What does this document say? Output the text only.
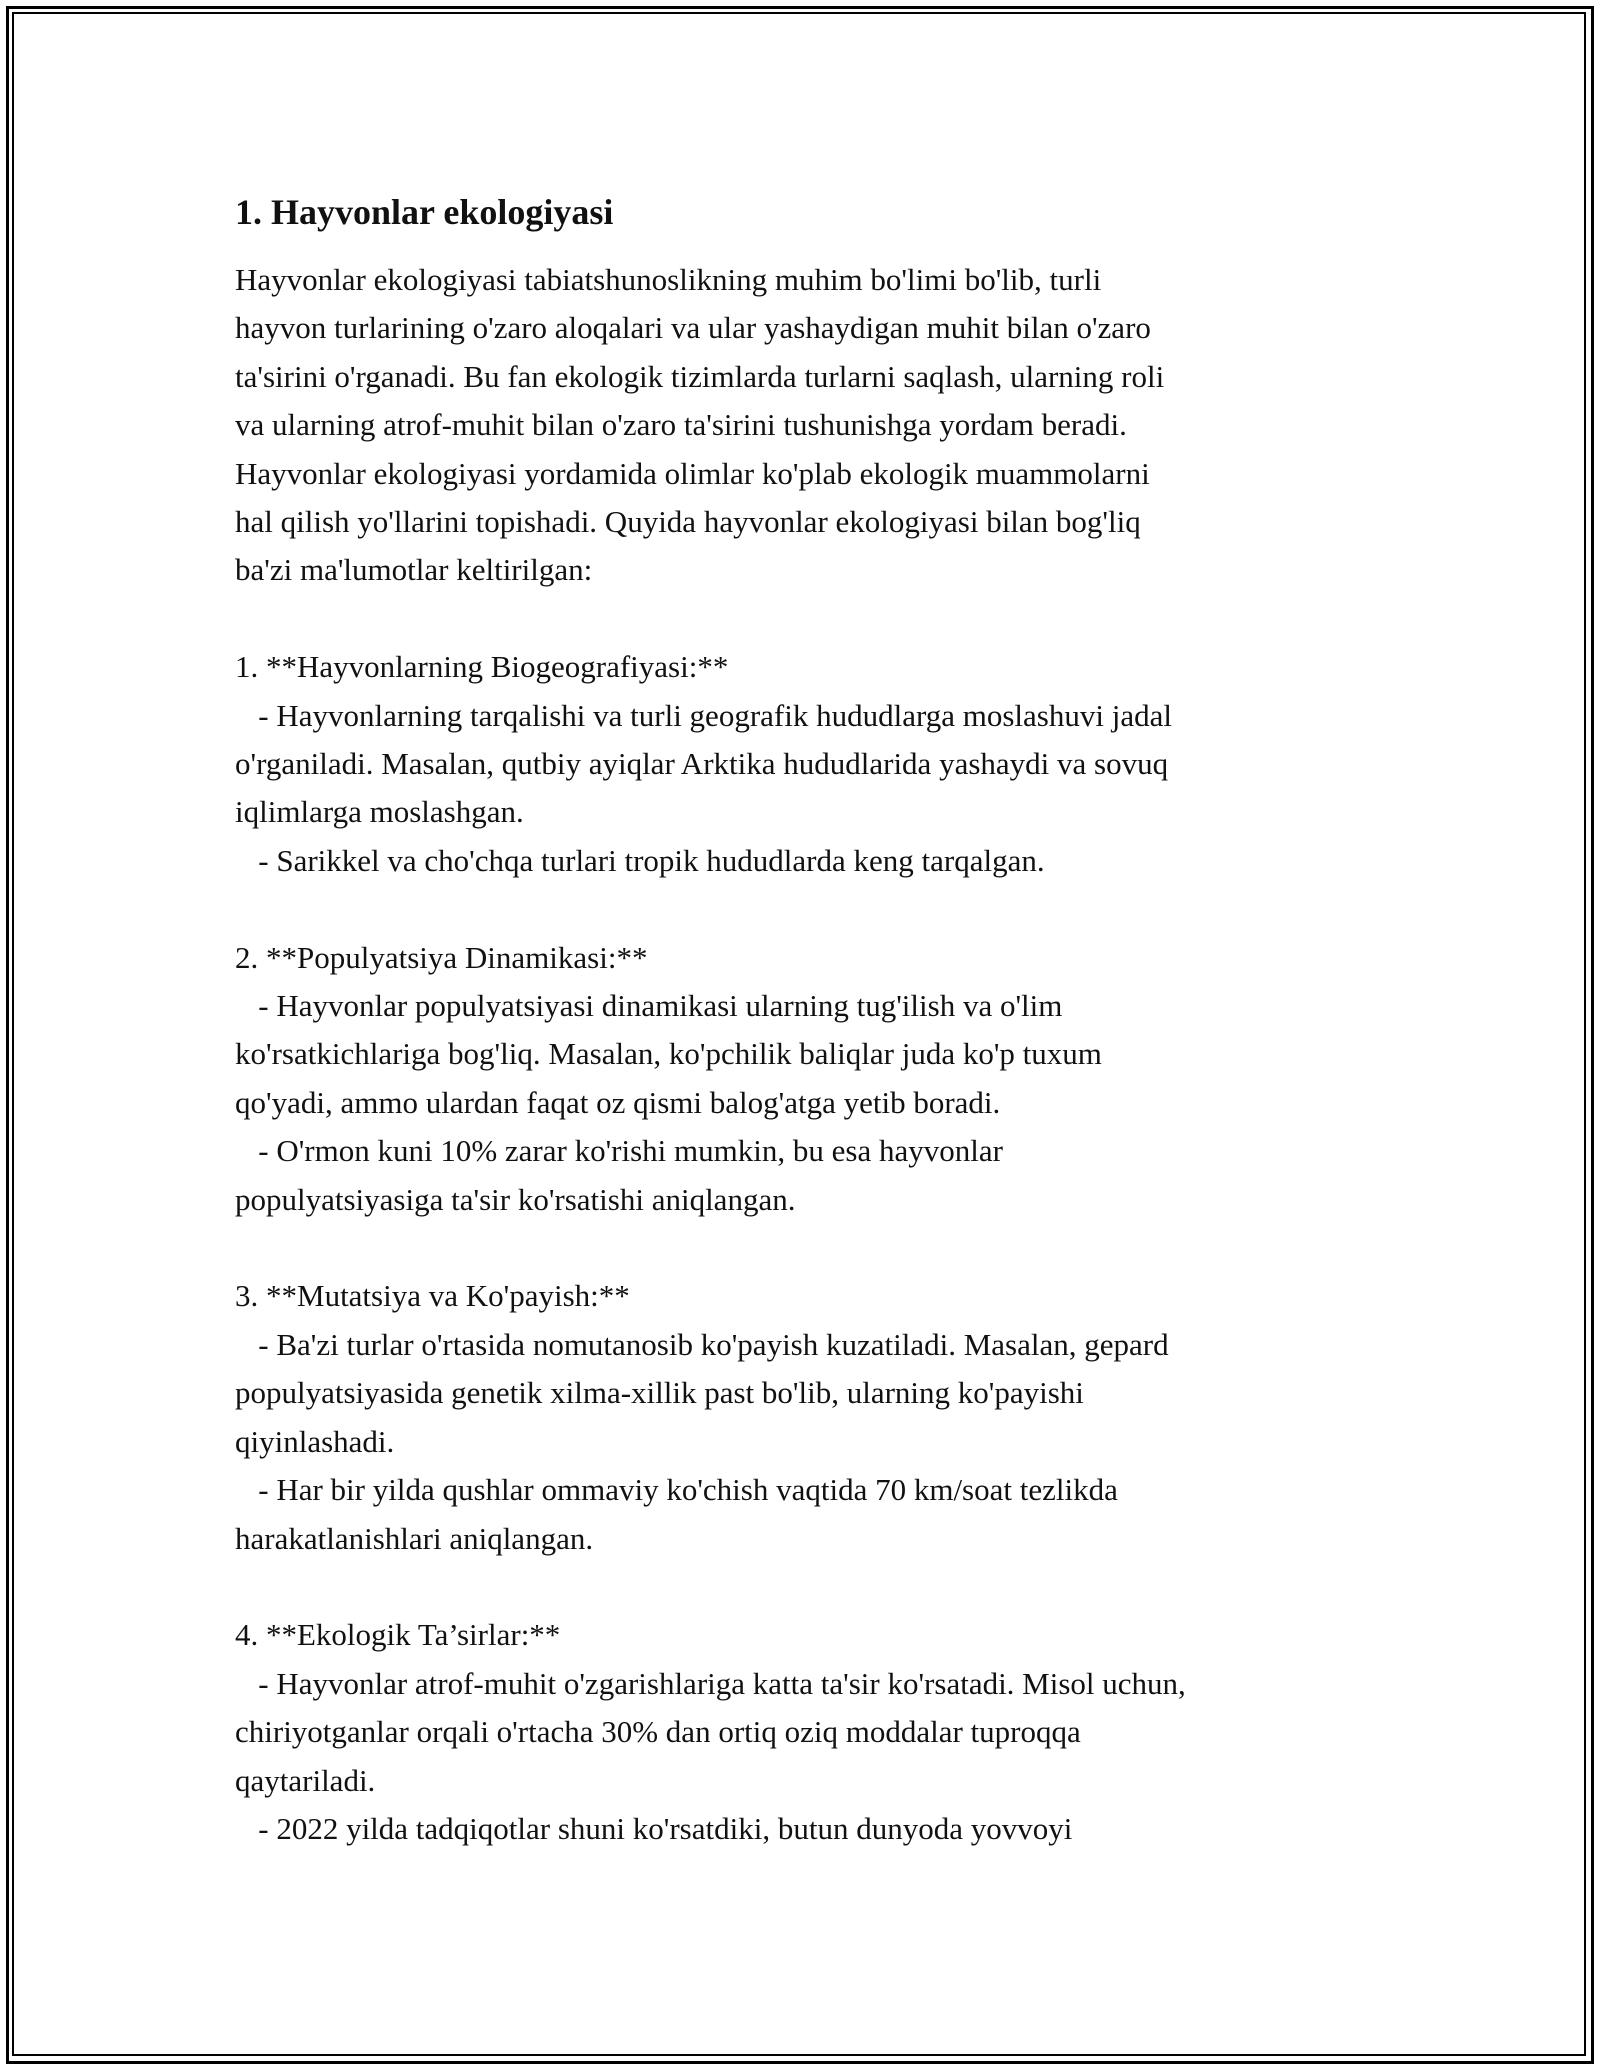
1. Hayvonlar ekologiyasi
Hayvonlar ekologiyasi tabiatshunoslikning muhim bo'limi bo'lib, turli
hayvon turlarining o'zaro aloqalari va ular yashaydigan muhit bilan o'zaro
ta'sirini o'rganadi. Bu fan ekologik tizimlarda turlarni saqlash, ularning roli
va ularning atrof-muhit bilan o'zaro ta'sirini tushunishga yordam beradi.
Hayvonlar ekologiyasi yordamida olimlar ko'plab ekologik muammolarni
hal qilish yo'llarini topishadi. Quyida hayvonlar ekologiyasi bilan bog'liq
ba'zi ma'lumotlar keltirilgan:
1. **Hayvonlarning Biogeografiyasi:**
- Hayvonlarning tarqalishi va turli geografik hududlarga moslashuvi jadal
o'rganiladi. Masalan, qutbiy ayiqlar Arktika hududlarida yashaydi va sovuq
iqlimlarga moslashgan.
- Sarikkel va cho'chqa turlari tropik hududlarda keng tarqalgan.
2. **Populyatsiya Dinamikasi:**
- Hayvonlar populyatsiyasi dinamikasi ularning tug'ilish va o'lim
ko'rsatkichlariga bog'liq. Masalan, ko'pchilik baliqlar juda ko'p tuxum
qo'yadi, ammo ulardan faqat oz qismi balog'atga yetib boradi.
- O'rmon kuni 10% zarar ko'rishi mumkin, bu esa hayvonlar
populyatsiyasiga ta'sir ko'rsatishi aniqlangan.
3. **Mutatsiya va Ko'payish:**
- Ba'zi turlar o'rtasida nomutanosib ko'payish kuzatiladi. Masalan, gepard
populyatsiyasida genetik xilma-xillik past bo'lib, ularning ko'payishi
qiyinlashadi.
- Har bir yilda qushlar ommaviy ko'chish vaqtida 70 km/soat tezlikda
harakatlanishlari aniqlangan.
4. **Ekologik Ta’sirlar:**
- Hayvonlar atrof-muhit o'zgarishlariga katta ta'sir ko'rsatadi. Misol uchun,
chiriyotganlar orqali o'rtacha 30% dan ortiq oziq moddalar tuproqqa
qaytariladi.
- 2022 yilda tadqiqotlar shuni ko'rsatdiki, butun dunyoda yovvoyi
